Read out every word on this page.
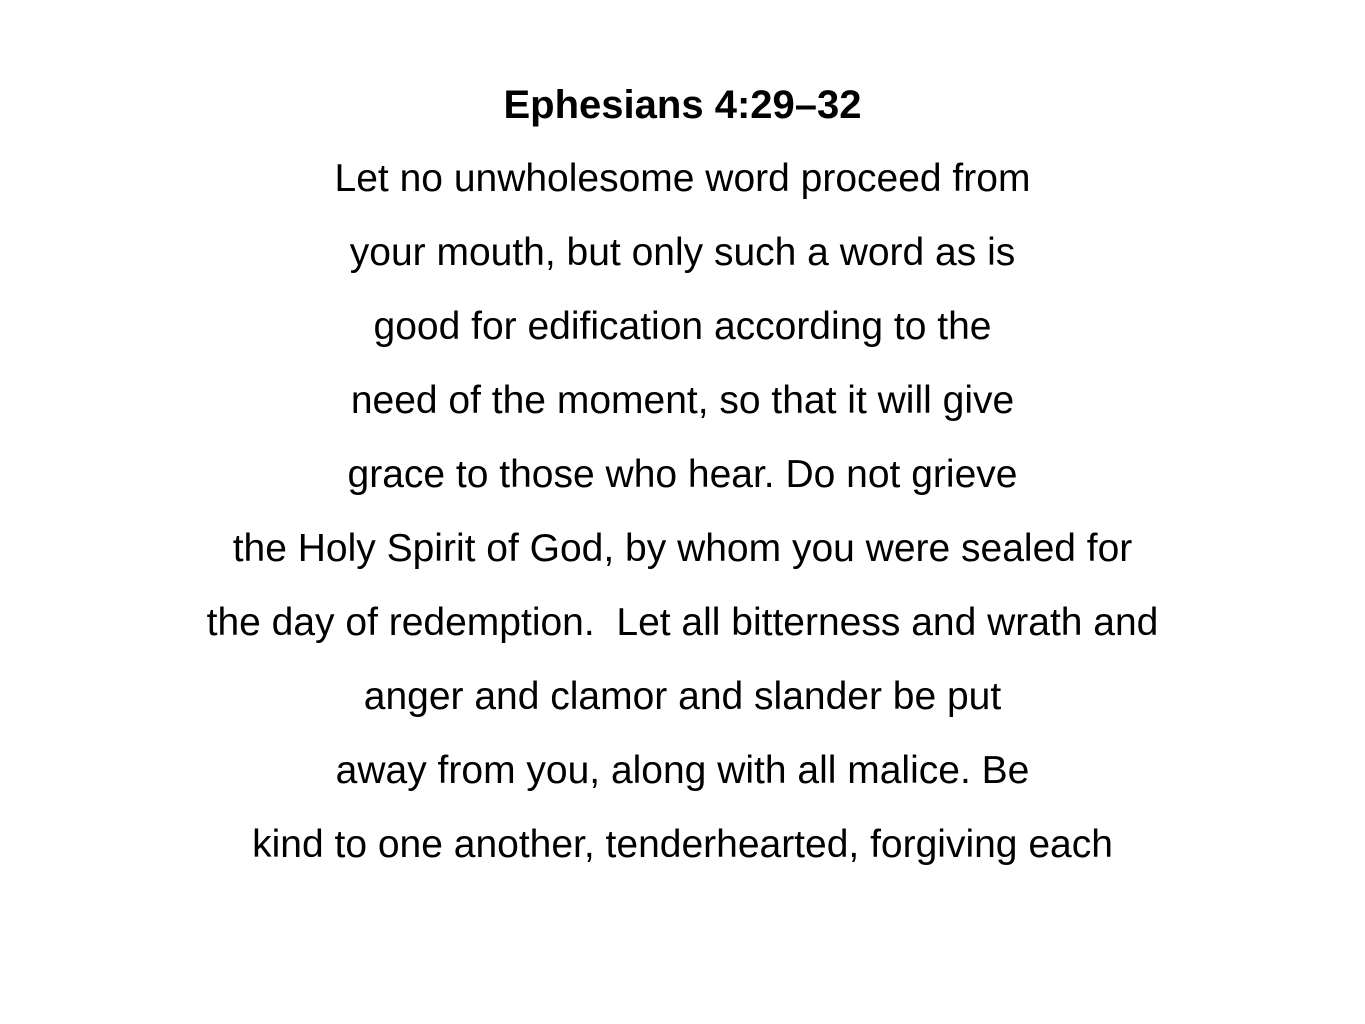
Ephesians 4:29–32
Let no unwholesome word proceed from
your mouth, but only such a word as is
good for edification according to the
need of the moment, so that it will give
grace to those who hear. Do not grieve
the Holy Spirit of God, by whom you were sealed for
the day of redemption.  Let all bitterness and wrath and
anger and clamor and slander be put
away from you, along with all malice. Be
kind to one another, tenderhearted, forgiving each
